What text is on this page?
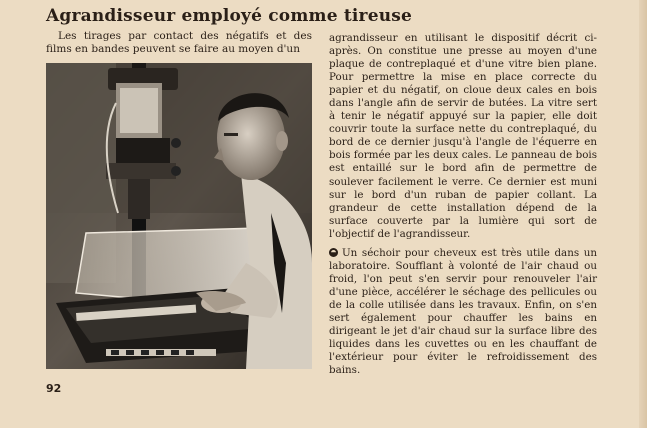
Agrandisseur employé comme tireuse
Les tirages par contact des négatifs et des films en bandes peuvent se faire au moyen d'un

agrandisseur en utilisant le dispositif décrit ci-après. On constitue une presse au moyen d'une plaque de contreplaqué et d'une vitre bien plane. Pour permettre la mise en place correcte du papier et du négatif, on cloue deux cales en bois dans l'angle afin de servir de butées. La vitre sert à tenir le négatif appuyé sur la papier, elle doit couvrir toute la surface nette du contreplaqué, du bord de ce dernier jusqu'à l'angle de l'équerre en bois formée par les deux cales. Le panneau de bois est entaillé sur le bord afin de permettre de soulever facilement le verre. Ce dernier est muni sur le bord d'un ruban de papier collant. La grandeur de cette installation dépend de la surface couverte par la lumière qui sort de l'objectif de l'agrandisseur.

Un séchoir pour cheveux est très utile dans un laboratoire. Soufflant à volonté de l'air chaud ou froid, l'on peut s'en servir pour renouveler l'air d'une pièce, accélérer le séchage des pellicules ou de la colle utilisée dans les travaux. Enfin, on s'en sert également pour chauffer les bains en dirigeant le jet d'air chaud sur la surface libre des liquides dans les cuvettes ou en les chauffant de l'extérieur pour éviter le refroidissement des bains.

92
